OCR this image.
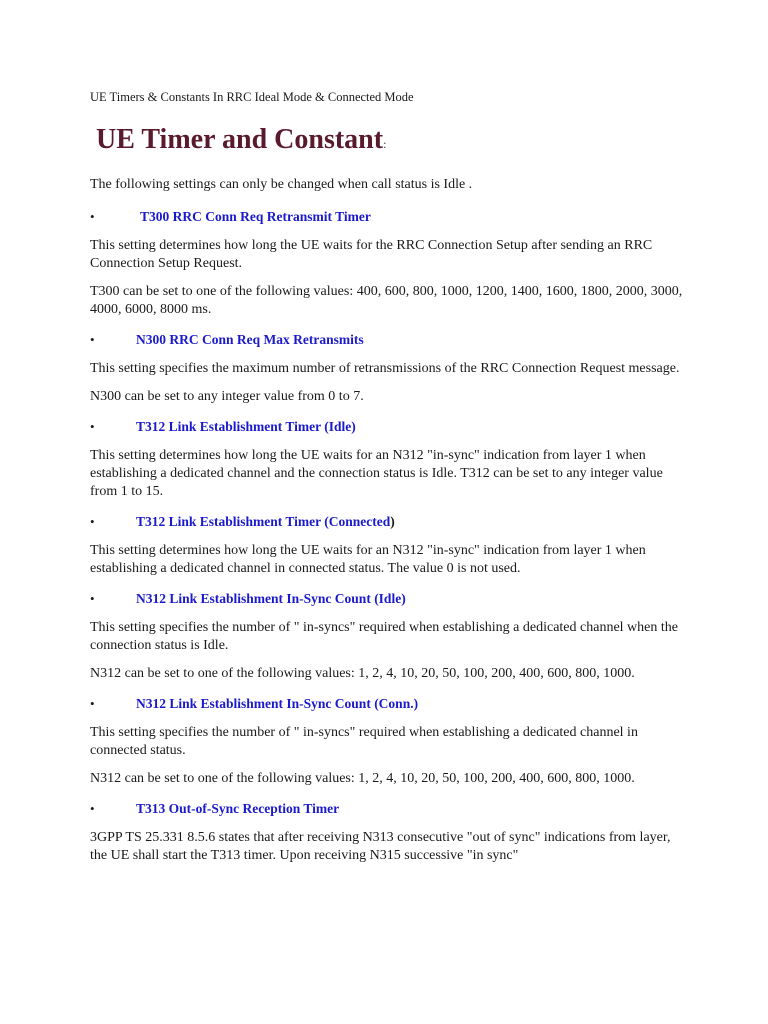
UE Timers & Constants In RRC Ideal Mode & Connected Mode

UE Timer and Constant:

The following settings can only be changed when call status is Idle .

•	T300 RRC Conn Req Retransmit Timer

This setting determines how long the UE waits for the RRC Connection Setup after sending an RRC Connection Setup Request.

T300 can be set to one of the following values: 400, 600, 800, 1000, 1200, 1400, 1600, 1800, 2000, 3000, 4000, 6000, 8000 ms.

•	N300 RRC Conn Req Max Retransmits

This setting specifies the maximum number of retransmissions of the RRC Connection Request message.

N300 can be set to any integer value from 0 to 7.

•	T312 Link Establishment Timer (Idle)

This setting determines how long the UE waits for an N312 "in-sync" indication from layer 1 when establishing a dedicated channel and the connection status is Idle. T312 can be set to any integer value from 1 to 15.

•	T312 Link Establishment Timer (Connected)

This setting determines how long the UE waits for an N312 "in-sync" indication from layer 1 when establishing a dedicated channel in connected status. The value 0 is not used.

•	N312 Link Establishment In-Sync Count (Idle)

This setting specifies the number of " in-syncs" required when establishing a dedicated channel when the connection status is Idle.

N312 can be set to one of the following values: 1, 2, 4, 10, 20, 50, 100, 200, 400, 600, 800, 1000.

•	N312 Link Establishment In-Sync Count (Conn.)

This setting specifies the number of " in-syncs" required when establishing a dedicated channel in connected status.

N312 can be set to one of the following values: 1, 2, 4, 10, 20, 50, 100, 200, 400, 600, 800, 1000.

•	T313 Out-of-Sync Reception Timer

3GPP TS 25.331 8.5.6 states that after receiving N313 consecutive "out of sync" indications from layer, the UE shall start the T313 timer. Upon receiving N315 successive "in sync"
